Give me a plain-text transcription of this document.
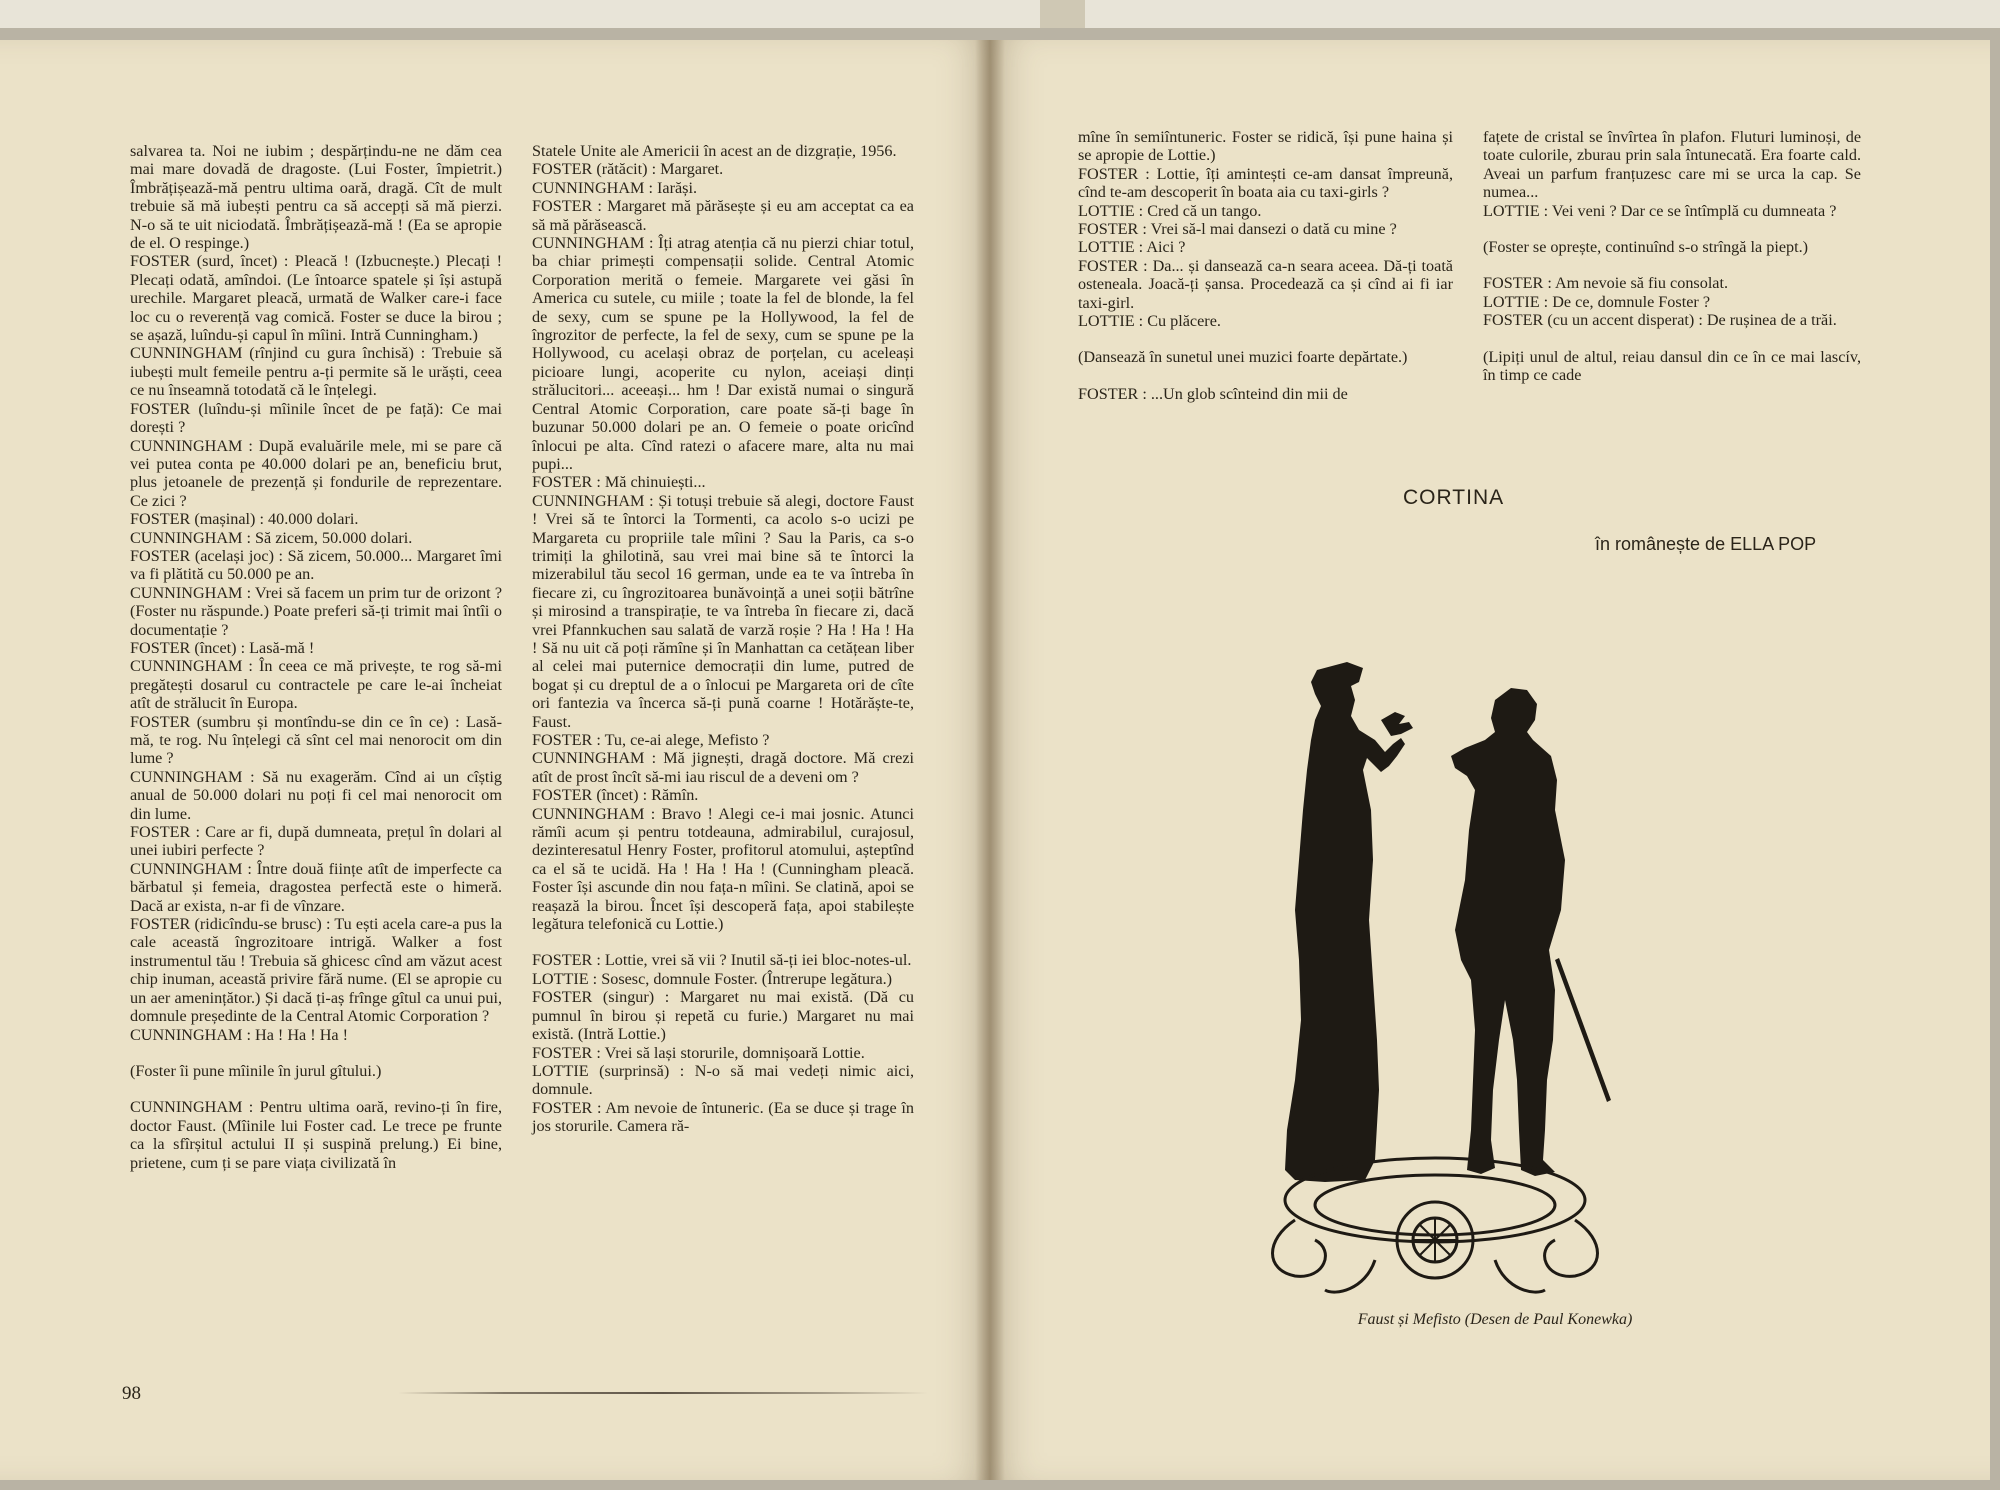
salvarea ta. Noi ne iubim ; despărțindu-ne ne dăm cea mai mare dovadă de dragoste. (Lui Foster, împietrit.) Îmbrățișează-mă pentru ultima oară, dragă. Cît de mult trebuie să mă iubești pentru ca să accepți să mă pierzi. N-o să te uit niciodată. Îmbrățișează-mă ! (Ea se apropie de el. O respinge.)

FOSTER (surd, încet) : Pleacă ! (Izbucnește.) Plecați ! Plecați odată, amîndoi. (Le întoarce spatele și își astupă urechile. Margaret pleacă, urmată de Walker care-i face loc cu o reverență vag comică. Foster se duce la birou ; se așază, luîndu-și capul în mîini. Intră Cunningham.)

CUNNINGHAM (rînjind cu gura închisă) : Trebuie să iubești mult femeile pentru a-ți permite să le urăști, ceea ce nu înseamnă totodată că le înțelegi.

FOSTER (luîndu-și mîinile încet de pe față): Ce mai dorești ?

CUNNINGHAM : După evaluările mele, mi se pare că vei putea conta pe 40.000 dolari pe an, beneficiu brut, plus jetoanele de prezență și fondurile de reprezentare. Ce zici ?

FOSTER (mașinal) : 40.000 dolari.

CUNNINGHAM : Să zicem, 50.000 dolari.

FOSTER (același joc) : Să zicem, 50.000... Margaret îmi va fi plătită cu 50.000 pe an.

CUNNINGHAM : Vrei să facem un prim tur de orizont ? (Foster nu răspunde.) Poate preferi să-ți trimit mai întîi o documentație ?

FOSTER (încet) : Lasă-mă !

CUNNINGHAM : În ceea ce mă privește, te rog să-mi pregătești dosarul cu contractele pe care le-ai încheiat atît de strălucit în Europa.

FOSTER (sumbru și montîndu-se din ce în ce) : Lasă-mă, te rog. Nu înțelegi că sînt cel mai nenorocit om din lume ?

CUNNINGHAM : Să nu exagerăm. Cînd ai un cîștig anual de 50.000 dolari nu poți fi cel mai nenorocit om din lume.

FOSTER : Care ar fi, după dumneata, prețul în dolari al unei iubiri perfecte ?

CUNNINGHAM : Între două ființe atît de imperfecte ca bărbatul și femeia, dragostea perfectă este o himeră. Dacă ar exista, n-ar fi de vînzare.

FOSTER (ridicîndu-se brusc) : Tu ești acela care-a pus la cale această îngrozitoare intrigă. Walker a fost instrumentul tău ! Trebuia să ghicesc cînd am văzut acest chip inuman, această privire fără nume. (El se apropie cu un aer amenințător.) Și dacă ți-aș frînge gîtul ca unui pui, domnule președinte de la Central Atomic Corporation ?

CUNNINGHAM : Ha ! Ha ! Ha !

(Foster îi pune mîinile în jurul gîtului.)

CUNNINGHAM : Pentru ultima oară, revino-ți în fire, doctor Faust. (Mîinile lui Foster cad. Le trece pe frunte ca la sfîrșitul actului II și suspină prelung.) Ei bine, prietene, cum ți se pare viața civilizată în

Statele Unite ale Americii în acest an de dizgrație, 1956.

FOSTER (rătăcit) : Margaret.

CUNNINGHAM : Iarăși.

FOSTER : Margaret mă părăsește și eu am acceptat ca ea să mă părăsească.

CUNNINGHAM : Îți atrag atenția că nu pierzi chiar totul, ba chiar primești compensații solide. Central Atomic Corporation merită o femeie. Margarete vei găsi în America cu sutele, cu miile ; toate la fel de blonde, la fel de sexy, cum se spune pe la Hollywood, la fel de îngrozitor de perfecte, la fel de sexy, cum se spune pe la Hollywood, cu același obraz de porțelan, cu aceleași picioare lungi, acoperite cu nylon, aceiași dinți strălucitori... aceeași... hm ! Dar există numai o singură Central Atomic Corporation, care poate să-ți bage în buzunar 50.000 dolari pe an. O femeie o poate oricînd înlocui pe alta. Cînd ratezi o afacere mare, alta nu mai pupi...

FOSTER : Mă chinuiești...

CUNNINGHAM : Și totuși trebuie să alegi, doctore Faust ! Vrei să te întorci la Tormenti, ca acolo s-o ucizi pe Margareta cu propriile tale mîini ? Sau la Paris, ca s-o trimiți la ghilotină, sau vrei mai bine să te întorci la mizerabilul tău secol 16 german, unde ea te va întreba în fiecare zi, cu îngrozitoarea bunăvoință a unei soții bătrîne și mirosind a transpirație, te va întreba în fiecare zi, dacă vrei Pfannkuchen sau salată de varză roșie ? Ha ! Ha ! Ha ! Să nu uit că poți rămîne și în Manhattan ca cetățean liber al celei mai puternice democrații din lume, putred de bogat și cu dreptul de a o înlocui pe Margareta ori de cîte ori fantezia va încerca să-ți pună coarne ! Hotărăște-te, Faust.

FOSTER : Tu, ce-ai alege, Mefisto ?

CUNNINGHAM : Mă jignești, dragă doctore. Mă crezi atît de prost încît să-mi iau riscul de a deveni om ?

FOSTER (încet) : Rămîn.

CUNNINGHAM : Bravo ! Alegi ce-i mai josnic. Atunci rămîi acum și pentru totdeauna, admirabilul, curajosul, dezinteresatul Henry Foster, profitorul atomului, așteptînd ca el să te ucidă. Ha ! Ha ! Ha ! (Cunningham pleacă. Foster își ascunde din nou fața-n mîini. Se clatină, apoi se reașază la birou. Încet își descoperă fața, apoi stabilește legătura telefonică cu Lottie.)

FOSTER : Lottie, vrei să vii ? Inutil să-ți iei bloc-notes-ul.

LOTTIE : Sosesc, domnule Foster. (Întrerupe legătura.)

FOSTER (singur) : Margaret nu mai există. (Dă cu pumnul în birou și repetă cu furie.) Margaret nu mai există. (Intră Lottie.)

FOSTER : Vrei să lași storurile, domnișoară Lottie.

LOTTIE (surprinsă) : N-o să mai vedeți nimic aici, domnule.

FOSTER : Am nevoie de întuneric. (Ea se duce și trage în jos storurile. Camera ră-

mîne în semiîntuneric. Foster se ridică, își pune haina și se apropie de Lottie.)

FOSTER : Lottie, îți amintești ce-am dansat împreună, cînd te-am descoperit în boata aia cu taxi-girls ?

LOTTIE : Cred că un tango.

FOSTER : Vrei să-l mai dansezi o dată cu mine ?

LOTTIE : Aici ?

FOSTER : Da... și dansează ca-n seara aceea. Dă-ți toată osteneala. Joacă-ți șansa. Procedează ca și cînd ai fi iar taxi-girl.

LOTTIE : Cu plăcere.

(Dansează în sunetul unei muzici foarte depărtate.)

FOSTER : ...Un glob scînteind din mii de

fațete de cristal se învîrtea în plafon. Fluturi luminoși, de toate culorile, zburau prin sala întunecată. Era foarte cald. Aveai un parfum franțuzesc care mi se urca la cap. Se numea...

LOTTIE : Vei veni ? Dar ce se întîmplă cu dumneata ?

(Foster se oprește, continuînd s-o strîngă la piept.)

FOSTER : Am nevoie să fiu consolat.

LOTTIE : De ce, domnule Foster ?

FOSTER (cu un accent disperat) : De rușinea de a trăi.

(Lipiți unul de altul, reiau dansul din ce în ce mai lascív, în timp ce cade

CORTINA
în românește de ELLA POP
Faust și Mefisto (Desen de Paul Konewka)
98
